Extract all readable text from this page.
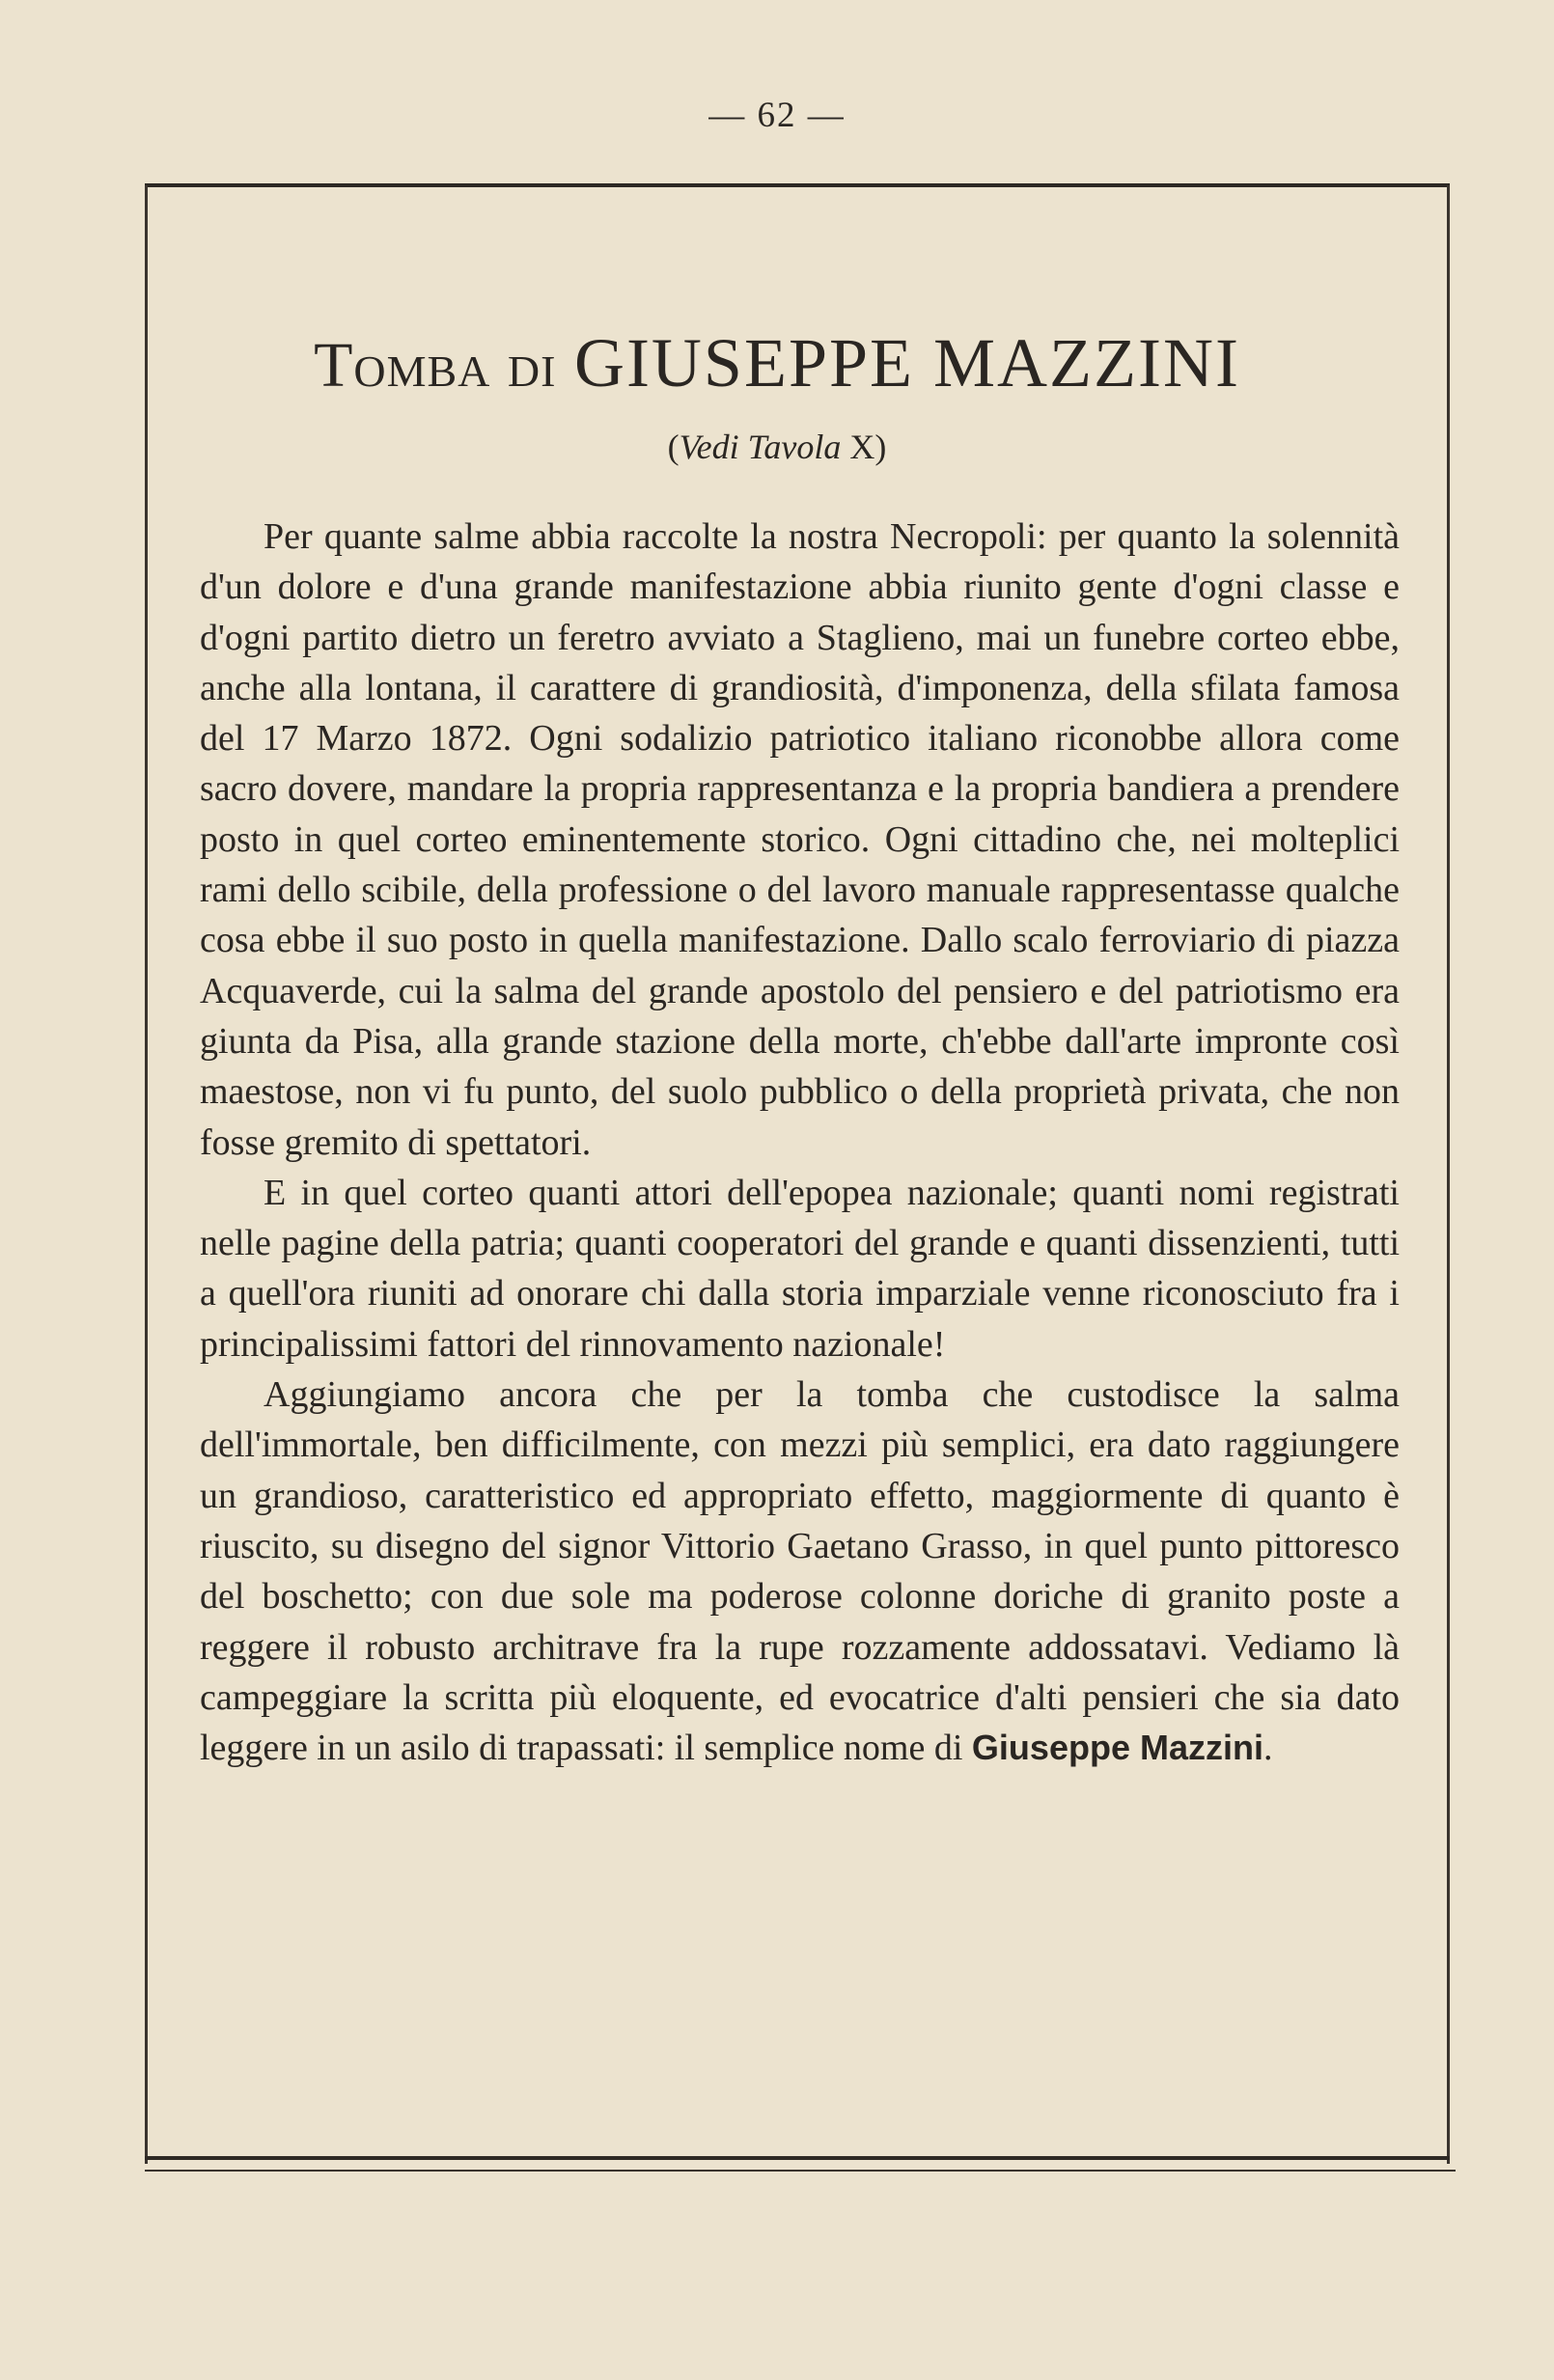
— 62 —
Tomba di GIUSEPPE MAZZINI
(Vedi Tavola X)

Per quante salme abbia raccolte la nostra Necropoli: per quanto la solennità d'un dolore e d'una grande manifestazione abbia riunito gente d'ogni classe e d'ogni partito dietro un feretro avviato a Staglieno, mai un funebre corteo ebbe, anche alla lontana, il carattere di grandiosità, d'imponenza, della sfilata famosa del 17 Marzo 1872. Ogni sodalizio patriotico italiano riconobbe allora come sacro dovere, mandare la propria rappresentanza e la propria bandiera a prendere posto in quel corteo eminentemente storico. Ogni cittadino che, nei molteplici rami dello scibile, della professione o del lavoro manuale rappresentasse qualche cosa ebbe il suo posto in quella manifestazione. Dallo scalo ferroviario di piazza Acquaverde, cui la salma del grande apostolo del pensiero e del patriotismo era giunta da Pisa, alla grande stazione della morte, ch'ebbe dall'arte impronte così maestose, non vi fu punto, del suolo pubblico o della proprietà privata, che non fosse gremito di spettatori.

E in quel corteo quanti attori dell'epopea nazionale; quanti nomi registrati nelle pagine della patria; quanti cooperatori del grande e quanti dissenzienti, tutti a quell'ora riuniti ad onorare chi dalla storia imparziale venne riconosciuto fra i principalissimi fattori del rinnovamento nazionale!

Aggiungiamo ancora che per la tomba che custodisce la salma dell'immortale, ben difficilmente, con mezzi più semplici, era dato raggiungere un grandioso, caratteristico ed appropriato effetto, maggiormente di quanto è riuscito, su disegno del signor Vittorio Gaetano Grasso, in quel punto pittoresco del boschetto; con due sole ma poderose colonne doriche di granito poste a reggere il robusto architrave fra la rupe rozzamente addossatavi. Vediamo là campeggiare la scritta più eloquente, ed evocatrice d'alti pensieri che sia dato leggere in un asilo di trapassati: il semplice nome di Giuseppe Mazzini.
